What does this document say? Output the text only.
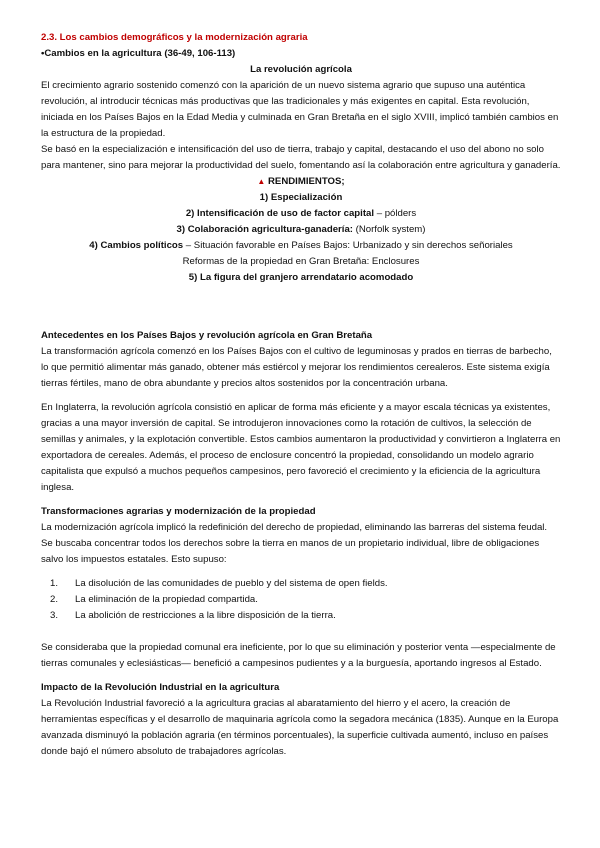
2.3. Los cambios demográficos y la modernización agraria

•Cambios en la agricultura (36-49, 106-113)

La revolución agrícola

El crecimiento agrario sostenido comenzó con la aparición de un nuevo sistema agrario que supuso una auténtica revolución, al introducir técnicas más productivas que las tradicionales y más exigentes en capital. Esta revolución, iniciada en los Países Bajos en la Edad Media y culminada en Gran Bretaña en el siglo XVIII, implicó también cambios en la estructura de la propiedad.

Se basó en la especialización e intensificación del uso de tierra, trabajo y capital, destacando el uso del abono no solo para mantener, sino para mejorar la productividad del suelo, fomentando así la colaboración entre agricultura y ganadería.

▲ RENDIMIENTOS;

1) Especialización

2) Intensificación de uso de factor capital – pólders

3) Colaboración agricultura-ganadería: (Norfolk system)

4) Cambios políticos – Situación favorable en Países Bajos: Urbanizado y sin derechos señoriales

Reformas de la propiedad en Gran Bretaña: Enclosures

5) La figura del granjero arrendatario acomodado

Antecedentes en los Países Bajos y revolución agrícola en Gran Bretaña

La transformación agrícola comenzó en los Países Bajos con el cultivo de leguminosas y prados en tierras de barbecho, lo que permitió alimentar más ganado, obtener más estiércol y mejorar los rendimientos cerealeros. Este sistema exigía tierras fértiles, mano de obra abundante y precios altos sostenidos por la concentración urbana.

En Inglaterra, la revolución agrícola consistió en aplicar de forma más eficiente y a mayor escala técnicas ya existentes, gracias a una mayor inversión de capital. Se introdujeron innovaciones como la rotación de cultivos, la selección de semillas y animales, y la explotación convertible. Estos cambios aumentaron la productividad y convirtieron a Inglaterra en exportadora de cereales. Además, el proceso de enclosure concentró la propiedad, consolidando un modelo agrario capitalista que expulsó a muchos pequeños campesinos, pero favoreció el crecimiento y la eficiencia de la agricultura inglesa.

Transformaciones agrarias y modernización de la propiedad

La modernización agrícola implicó la redefinición del derecho de propiedad, eliminando las barreras del sistema feudal. Se buscaba concentrar todos los derechos sobre la tierra en manos de un propietario individual, libre de obligaciones salvo los impuestos estatales. Esto supuso:

1. La disolución de las comunidades de pueblo y del sistema de open fields.
2. La eliminación de la propiedad compartida.
3. La abolición de restricciones a la libre disposición de la tierra.

Se consideraba que la propiedad comunal era ineficiente, por lo que su eliminación y posterior venta —especialmente de tierras comunales y eclesiásticas— benefició a campesinos pudientes y a la burguesía, aportando ingresos al Estado.

Impacto de la Revolución Industrial en la agricultura

La Revolución Industrial favoreció a la agricultura gracias al abaratamiento del hierro y el acero, la creación de herramientas específicas y el desarrollo de maquinaria agrícola como la segadora mecánica (1835). Aunque en la Europa avanzada disminuyó la población agraria (en términos porcentuales), la superficie cultivada aumentó, incluso en países donde bajó el número absoluto de trabajadores agrícolas.
